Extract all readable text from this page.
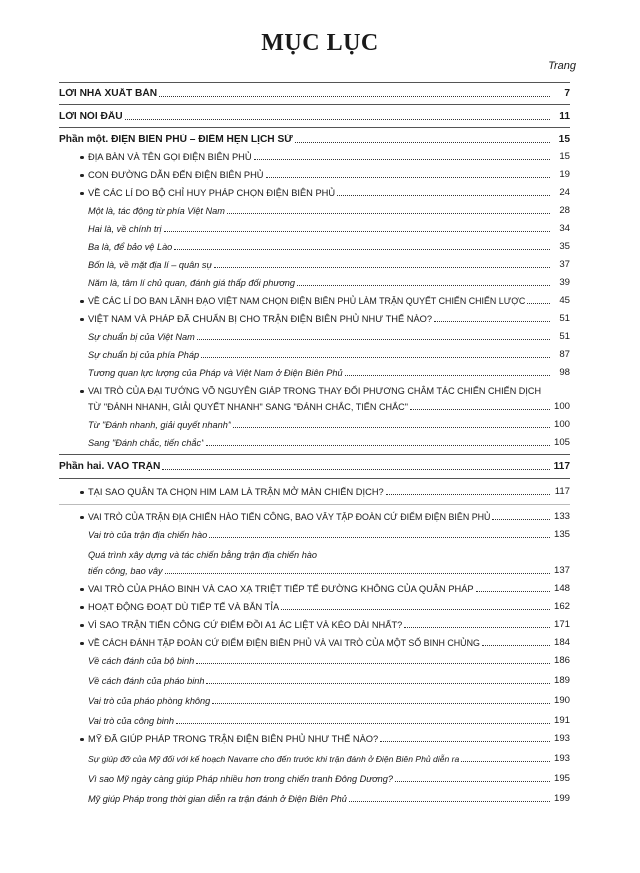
MỤC LỤC
Trang
LỜI NHÀ XUẤT BẢN	7
LỜI NÓI ĐẦU	11
Phần một. ĐIỆN BIÊN PHỦ – ĐIỂM HẸN LỊCH SỬ	15
ĐỊA BÀN VÀ TÊN GỌI ĐIỆN BIÊN PHỦ	15
CON ĐƯỜNG DẪN ĐẾN ĐIỆN BIÊN PHỦ	19
VỀ CÁC LÍ DO BỘ CHỈ HUY PHÁP CHỌN ĐIỆN BIÊN PHỦ	24
Một là, tác động từ phía Việt Nam	28
Hai là, về chính trị	34
Ba là, để bảo vệ Lào	35
Bốn là, về mặt địa lí – quân sự	37
Năm là, tâm lí chủ quan, đánh giá thấp đối phương	39
VỀ CÁC LÍ DO BAN LÃNH ĐẠO VIỆT NAM CHỌN ĐIỆN BIÊN PHỦ LÀM TRẬN QUYẾT CHIẾN CHIẾN LƯỢC	45
VIỆT NAM VÀ PHÁP ĐÃ CHUẨN BỊ CHO TRẬN ĐIỆN BIÊN PHỦ NHƯ THẾ NÀO?	51
Sự chuẩn bị của Việt Nam	51
Sự chuẩn bị của phía Pháp	87
Tương quan lực lượng của Pháp và Việt Nam ở Điện Biên Phủ	98
VAI TRÒ CỦA ĐẠI TƯỚNG VÕ NGUYÊN GIÁP TRONG THAY ĐỔI PHƯƠNG CHÂM TÁC CHIẾN CHIẾN DỊCH
TỪ "ĐÁNH NHANH, GIẢI QUYẾT NHANH" SANG "ĐÁNH CHẮC, TIẾN CHẮC"	100
Từ "Đánh nhanh, giải quyết nhanh"	100
Sang "Đánh chắc, tiến chắc"	105
Phần hai. VÀO TRẬN	117
TẠI SAO QUÂN TA CHỌN HIM LAM LÀ TRẬN MỞ MÀN CHIẾN DỊCH?	117
VAI TRÒ CỦA TRẬN ĐỊA CHIẾN HÀO TIẾN CÔNG, BAO VÂY TẬP ĐOÀN CỨ ĐIỂM ĐIỆN BIÊN PHỦ	133
Vai trò của trận địa chiến hào	135
Quá trình xây dựng và tác chiến bằng trận địa chiến hào
tiến công, bao vây	137
VAI TRÒ CỦA PHÁO BINH VÀ CAO XẠ TRIỆT TIẾP TẾ ĐƯỜNG KHÔNG CỦA QUÂN PHÁP	148
HOẠT ĐỘNG ĐOẠT DÙ TIẾP TẾ VÀ BẮN TỈA	162
VÌ SAO TRẬN TIẾN CÔNG CỨ ĐIỂM ĐỒI A1 ÁC LIỆT VÀ KÉO DÀI NHẤT?	171
VỀ CÁCH ĐÁNH TẬP ĐOÀN CỨ ĐIỂM ĐIỆN BIÊN PHỦ VÀ VAI TRÒ CỦA MỘT SỐ BINH CHỦNG	184
Về cách đánh của bộ binh	186
Về cách đánh của pháo binh	189
Vai trò của pháo phòng không	190
Vai trò của công binh	191
MỸ ĐÃ GIÚP PHÁP TRONG TRẬN ĐIỆN BIÊN PHỦ NHƯ THẾ NÀO?	193
Sự giúp đỡ của Mỹ đối với kế hoạch Navarre cho đến trước khi trận đánh ở Điện Biên Phủ diễn ra	193
Vì sao Mỹ ngày càng giúp Pháp nhiều hơn trong chiến tranh Đông Dương?	195
Mỹ giúp Pháp trong thời gian diễn ra trận đánh ở Điện Biên Phủ	199
